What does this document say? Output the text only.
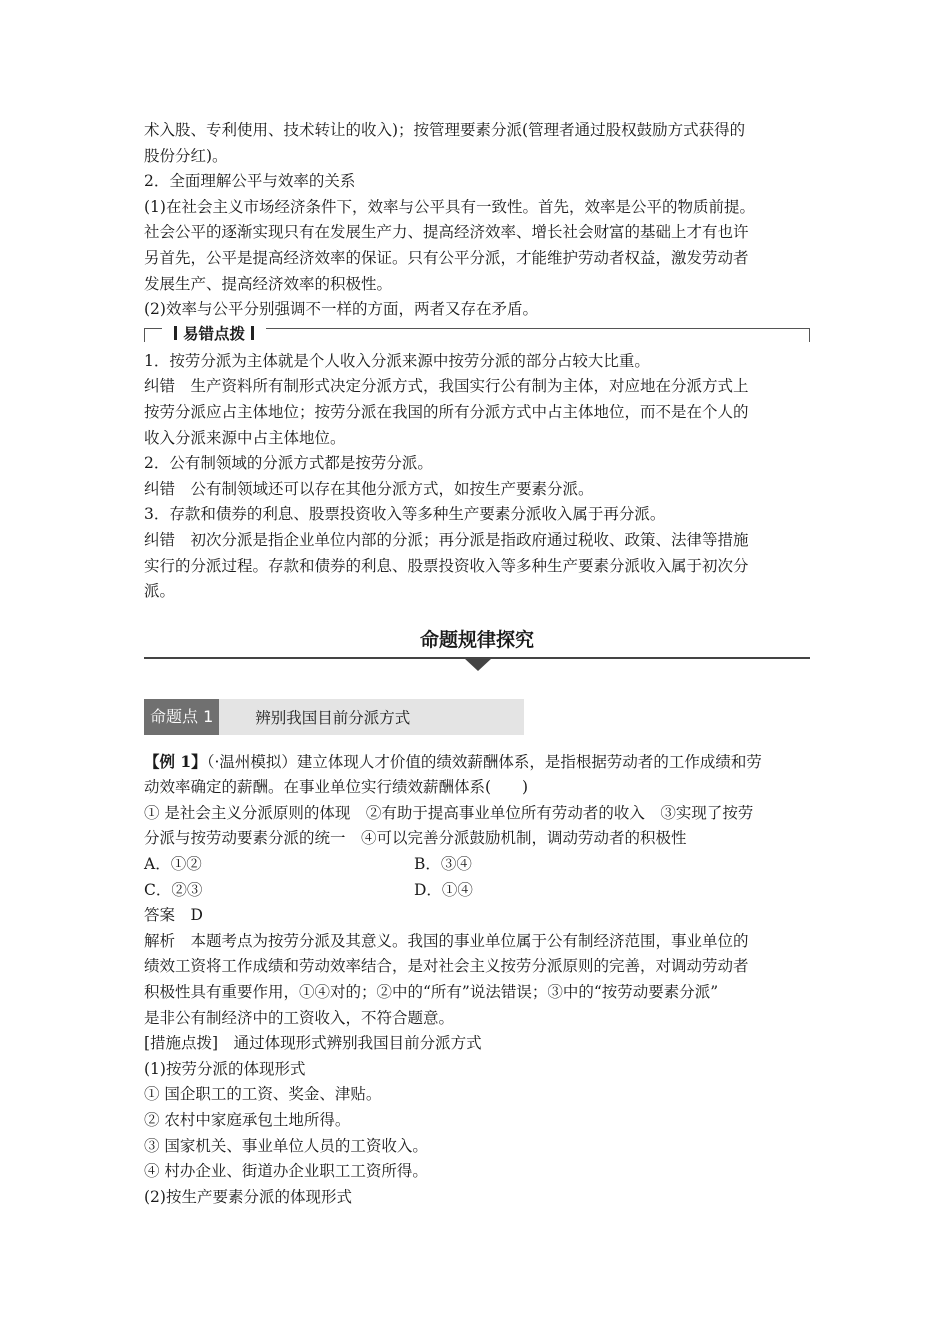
术入股、专利使用、技术转让的收入)；按管理要素分派(管理者通过股权鼓励方式获得的
股份分红)。
2．全面理解公平与效率的关系
(1)在社会主义市场经济条件下，效率与公平具有一致性。首先，效率是公平的物质前提。
社会公平的逐渐实现只有在发展生产力、提高经济效率、增长社会财富的基础上才有也许
另首先，公平是提高经济效率的保证。只有公平分派，才能维护劳动者权益，激发劳动者
发展生产、提高经济效率的积极性。
(2)效率与公平分别强调不一样的方面，两者又存在矛盾。
易错点拨
1．按劳分派为主体就是个人收入分派来源中按劳分派的部分占较大比重。
纠错　生产资料所有制形式决定分派方式，我国实行公有制为主体，对应地在分派方式上
按劳分派应占主体地位；按劳分派在我国的所有分派方式中占主体地位，而不是在个人的
收入分派来源中占主体地位。
2．公有制领域的分派方式都是按劳分派。
纠错　公有制领域还可以存在其他分派方式，如按生产要素分派。
3．存款和债券的利息、股票投资收入等多种生产要素分派收入属于再分派。
纠错　初次分派是指企业单位内部的分派；再分派是指政府通过税收、政策、法律等措施
实行的分派过程。存款和债券的利息、股票投资收入等多种生产要素分派收入属于初次分
派。
命题规律探究
命题点 1	辨别我国目前分派方式
【例 1】（·温州模拟）建立体现人才价值的绩效薪酬体系，是指根据劳动者的工作成绩和劳
动效率确定的薪酬。在事业单位实行绩效薪酬体系(　　)
① 是社会主义分派原则的体现　②有助于提高事业单位所有劳动者的收入　③实现了按劳
分派与按劳动要素分派的统一　④可以完善分派鼓励机制，调动劳动者的积极性
A．①②	B．③④
C．②③	D．①④
答案　D
解析　本题考点为按劳分派及其意义。我国的事业单位属于公有制经济范围，事业单位的
绩效工资将工作成绩和劳动效率结合，是对社会主义按劳分派原则的完善，对调动劳动者
积极性具有重要作用，①④对的；②中的“所有”说法错误；③中的“按劳动要素分派”
是非公有制经济中的工资收入，不符合题意。
[措施点拨]　通过体现形式辨别我国目前分派方式
(1)按劳分派的体现形式
① 国企职工的工资、奖金、津贴。
② 农村中家庭承包土地所得。
③ 国家机关、事业单位人员的工资收入。
④ 村办企业、街道办企业职工工资所得。
(2)按生产要素分派的体现形式
